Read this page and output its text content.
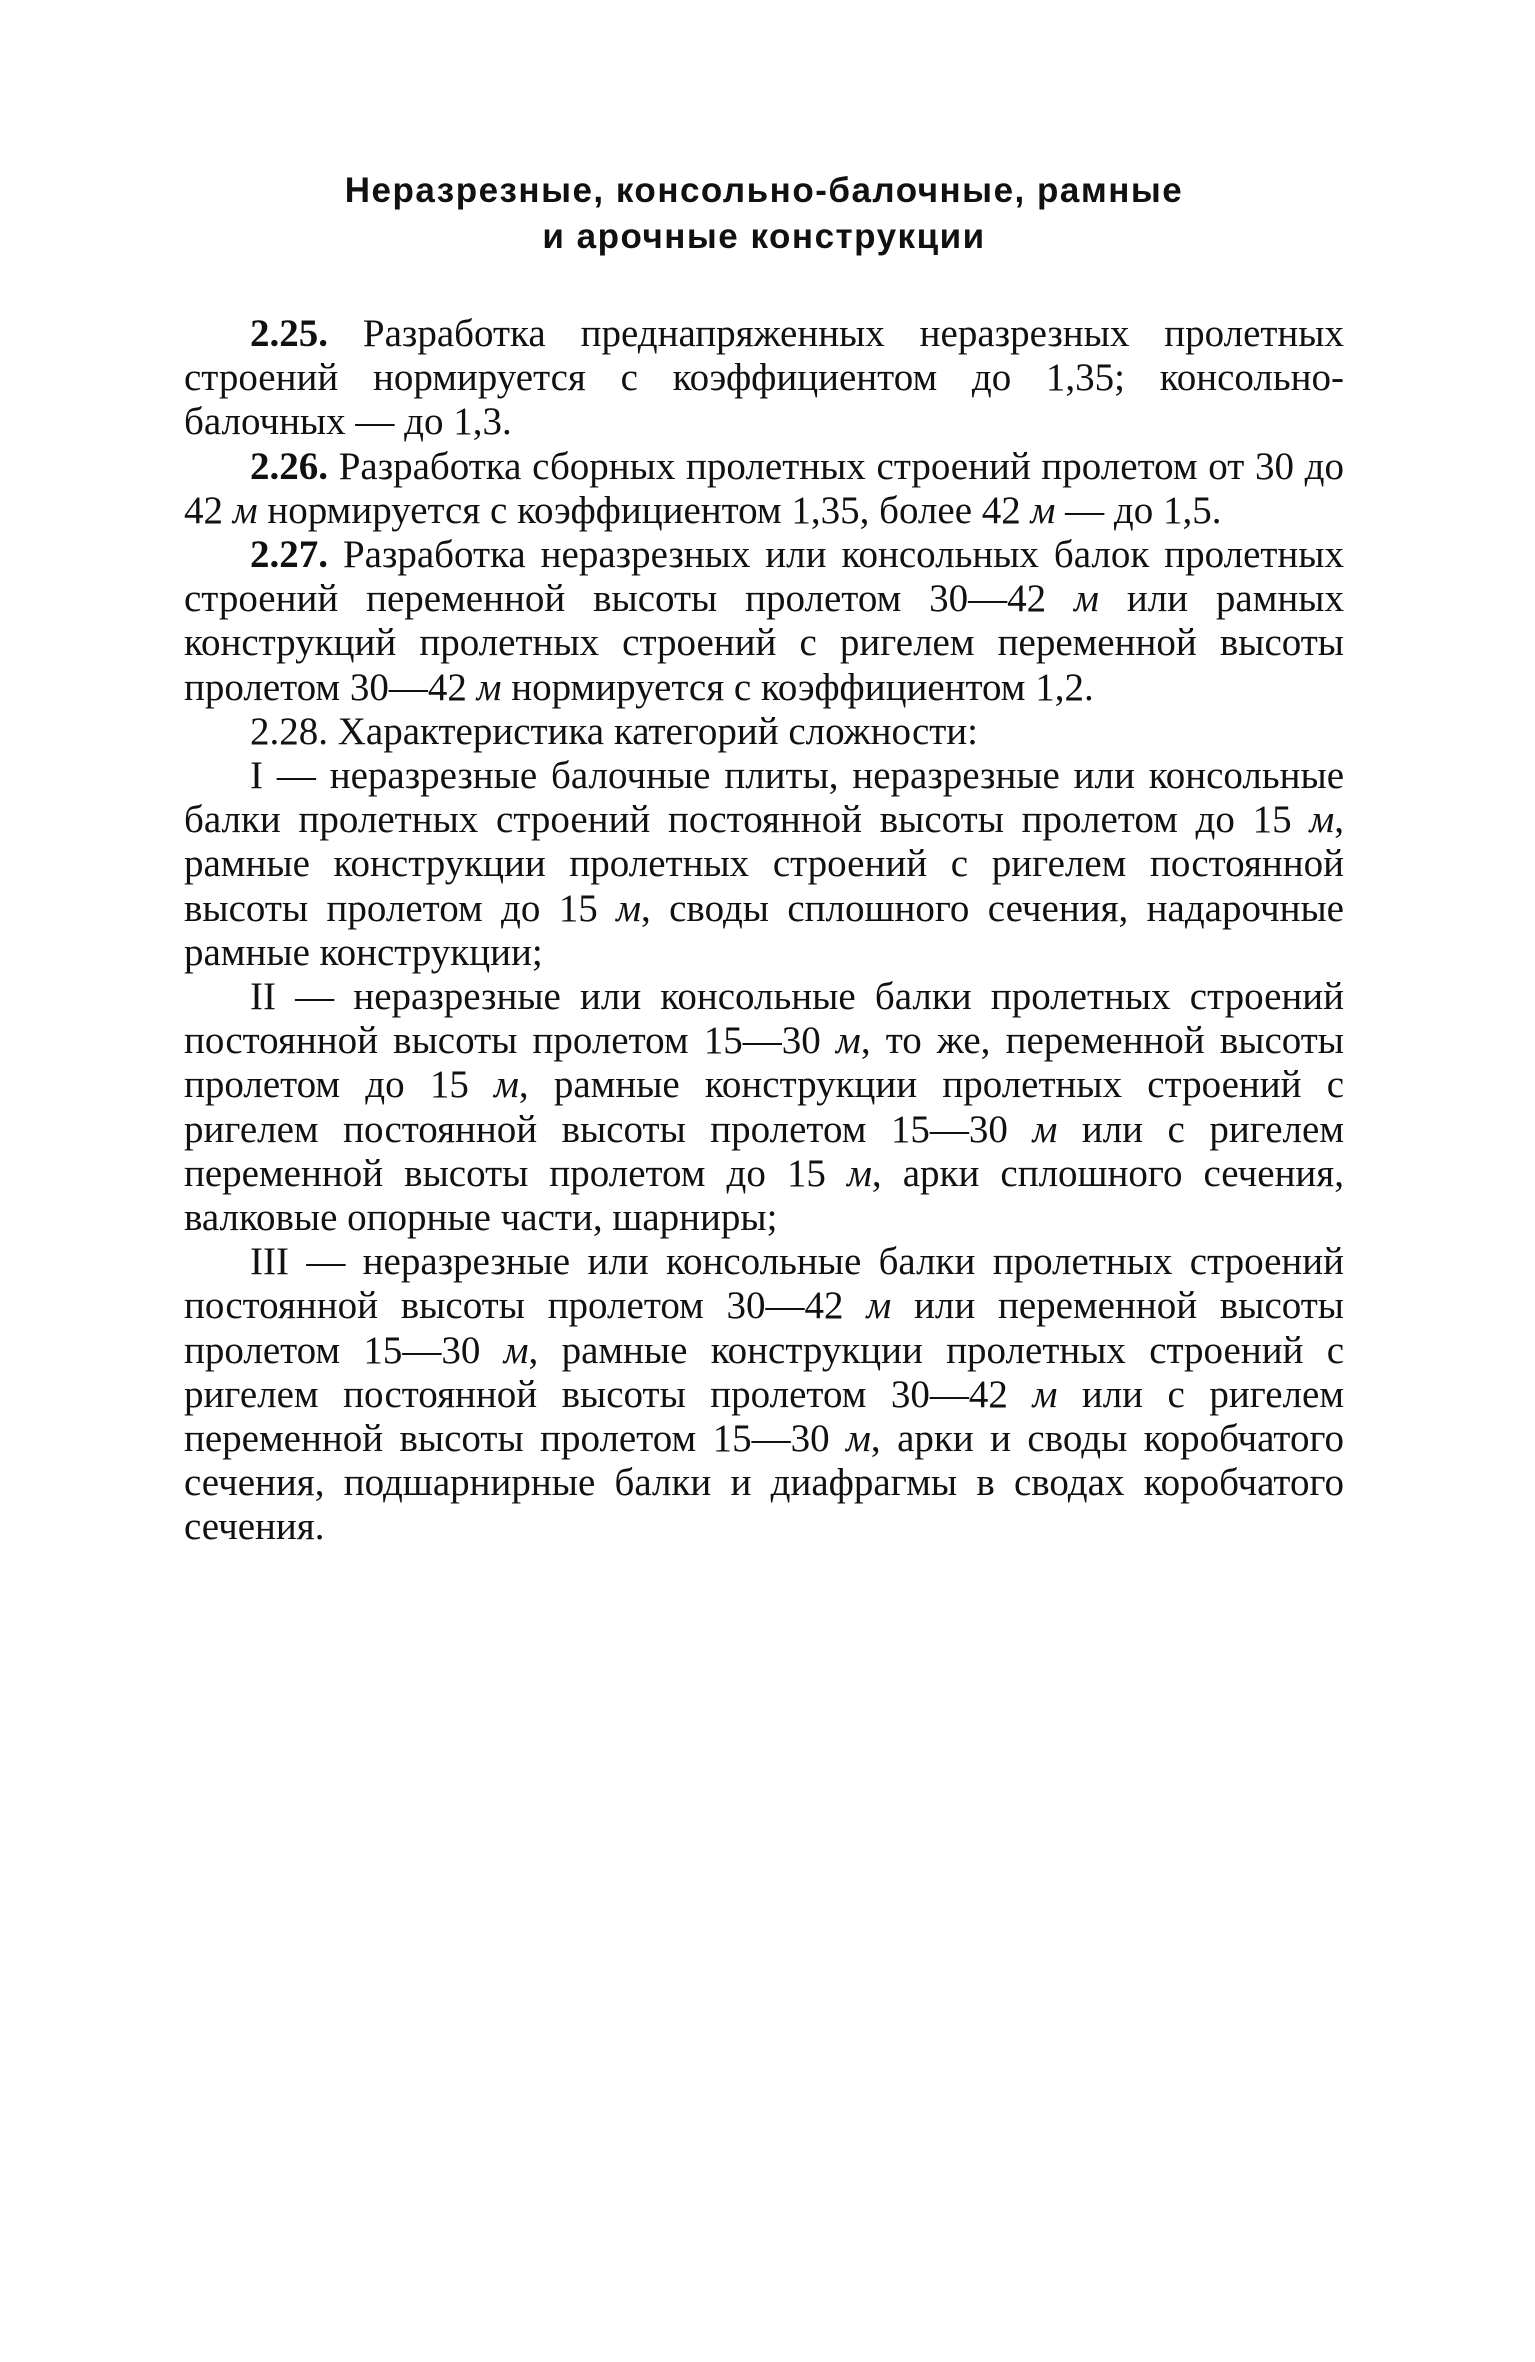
Неразрезные, консольно-балочные, рамные
и арочные конструкции

2.25. Разработка преднапряженных неразрезных пролетных строений нормируется с коэффициентом до 1,35; консольно-балочных — до 1,3.

2.26. Разработка сборных пролетных строений пролетом от 30 до 42 м нормируется с коэффициентом 1,35, более 42 м — до 1,5.

2.27. Разработка неразрезных или консольных балок пролетных строений переменной высоты пролетом 30—42 м или рамных конструкций пролетных строений с ригелем переменной высоты пролетом 30—42 м нормируется с коэффициентом 1,2.

2.28. Характеристика категорий сложности:

I — неразрезные балочные плиты, неразрезные или консольные балки пролетных строений постоянной высоты пролетом до 15 м, рамные конструкции пролетных строений с ригелем постоянной высоты пролетом до 15 м, своды сплошного сечения, надарочные рамные конструкции;

II — неразрезные или консольные балки пролетных строений постоянной высоты пролетом 15—30 м, то же, переменной высоты пролетом до 15 м, рамные конструкции пролетных строений с ригелем постоянной высоты пролетом 15—30 м или с ригелем переменной высоты пролетом до 15 м, арки сплошного сечения, валковые опорные части, шарниры;

III — неразрезные или консольные балки пролетных строений постоянной высоты пролетом 30—42 м или переменной высоты пролетом 15—30 м, рамные конструкции пролетных строений с ригелем постоянной высоты пролетом 30—42 м или с ригелем переменной высоты пролетом 15—30 м, арки и своды коробчатого сечения, подшарнирные балки и диафрагмы в сводах коробчатого сечения.
